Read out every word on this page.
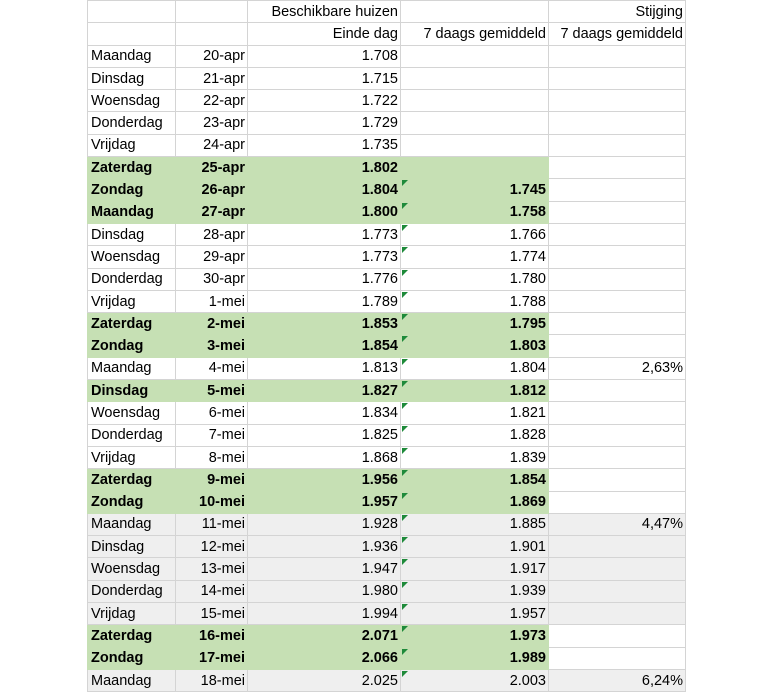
		Beschikbare huizen		Stijging
		Einde dag	7 daags gemiddeld	7 daags gemiddeld
Maandag	20-apr	1.708		
Dinsdag	21-apr	1.715		
Woensdag	22-apr	1.722		
Donderdag	23-apr	1.729		
Vrijdag	24-apr	1.735		
Zaterdag	25-apr	1.802		
Zondag	26-apr	1.804	1.745

Maandag	27-apr	1.800	1.758

Dinsdag	28-apr	1.773	1.766

Woensdag	29-apr	1.773	1.774

Donderdag	30-apr	1.776	1.780

Vrijdag	1-mei	1.789	1.788

Zaterdag	2-mei	1.853	1.795

Zondag	3-mei	1.854	1.803

Maandag	4-mei	1.813	1.804	2,63%
Dinsdag	5-mei	1.827	1.812

Woensdag	6-mei	1.834	1.821

Donderdag	7-mei	1.825	1.828

Vrijdag	8-mei	1.868	1.839

Zaterdag	9-mei	1.956	1.854

Zondag	10-mei	1.957	1.869

Maandag	11-mei	1.928	1.885	4,47%
Dinsdag	12-mei	1.936	1.901

Woensdag	13-mei	1.947	1.917

Donderdag	14-mei	1.980	1.939

Vrijdag	15-mei	1.994	1.957

Zaterdag	16-mei	2.071	1.973

Zondag	17-mei	2.066	1.989

Maandag	18-mei	2.025	2.003	6,24%
